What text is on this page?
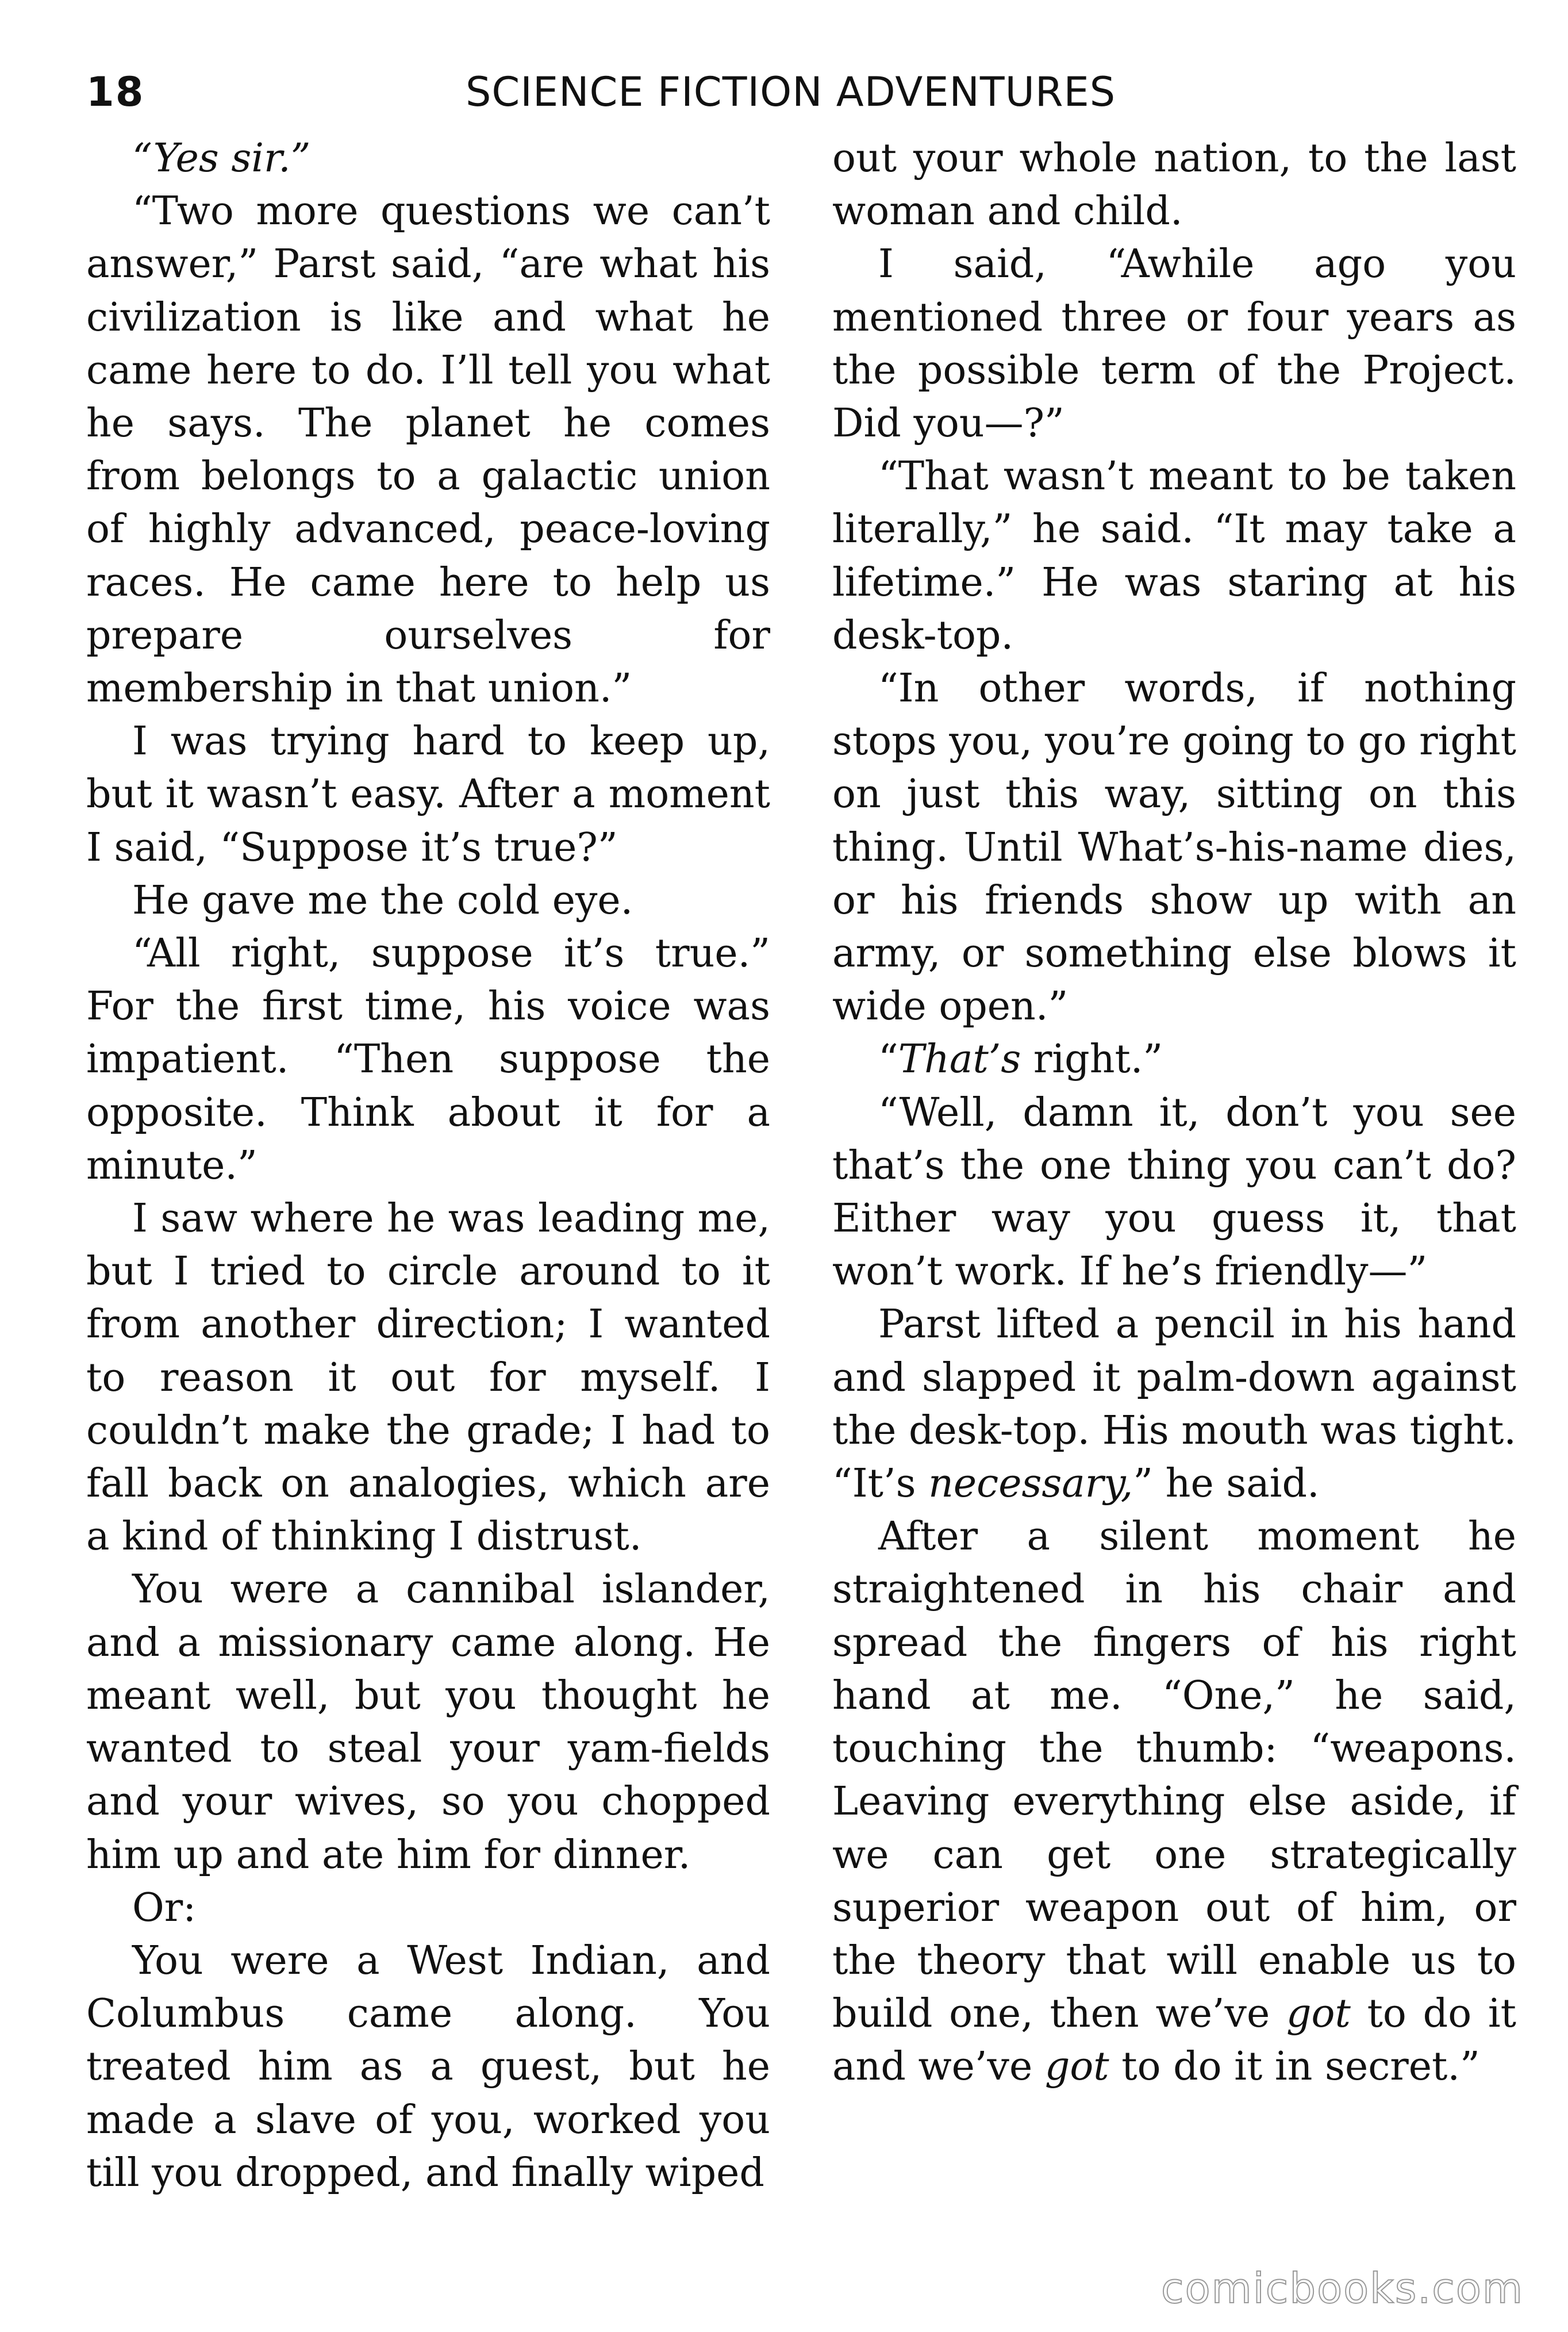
18	SCIENCE FICTION ADVENTURES

“Yes sir.”

“Two more questions we can’t answer,” Parst said, “are what his civilization is like and what he came here to do. I’ll tell you what he says. The planet he comes from belongs to a galactic union of highly advanced, peace-loving races. He came here to help us prepare ourselves for membership in that union.”

I was trying hard to keep up, but it wasn’t easy. After a moment I said, “Suppose it’s true?”

He gave me the cold eye.

“All right, suppose it’s true.” For the first time, his voice was impatient. “Then suppose the opposite. Think about it for a minute.”

I saw where he was leading me, but I tried to circle around to it from another direction; I wanted to reason it out for myself. I couldn’t make the grade; I had to fall back on analogies, which are a kind of thinking I distrust.

You were a cannibal islander, and a missionary came along. He meant well, but you thought he wanted to steal your yam-fields and your wives, so you chopped him up and ate him for dinner.

Or:

You were a West Indian, and Columbus came along. You treated him as a guest, but he made a slave of you, worked you till you dropped, and finally wiped

out your whole nation, to the last woman and child.

I said, “Awhile ago you mentioned three or four years as the possible term of the Project. Did you—?”

“That wasn’t meant to be taken literally,” he said. “It may take a lifetime.” He was staring at his desk-top.

“In other words, if nothing stops you, you’re going to go right on just this way, sitting on this thing. Until What’s-his-name dies, or his friends show up with an army, or something else blows it wide open.”

“That’s right.”

“Well, damn it, don’t you see that’s the one thing you can’t do? Either way you guess it, that won’t work. If he’s friendly—”

Parst lifted a pencil in his hand and slapped it palm-down against the desk-top. His mouth was tight. “It’s necessary,” he said.

After a silent moment he straightened in his chair and spread the fingers of his right hand at me. “One,” he said, touching the thumb: “weapons. Leaving everything else aside, if we can get one strategically superior weapon out of him, or the theory that will enable us to build one, then we’ve got to do it and we’ve got to do it in secret.”

comicbooks.com
